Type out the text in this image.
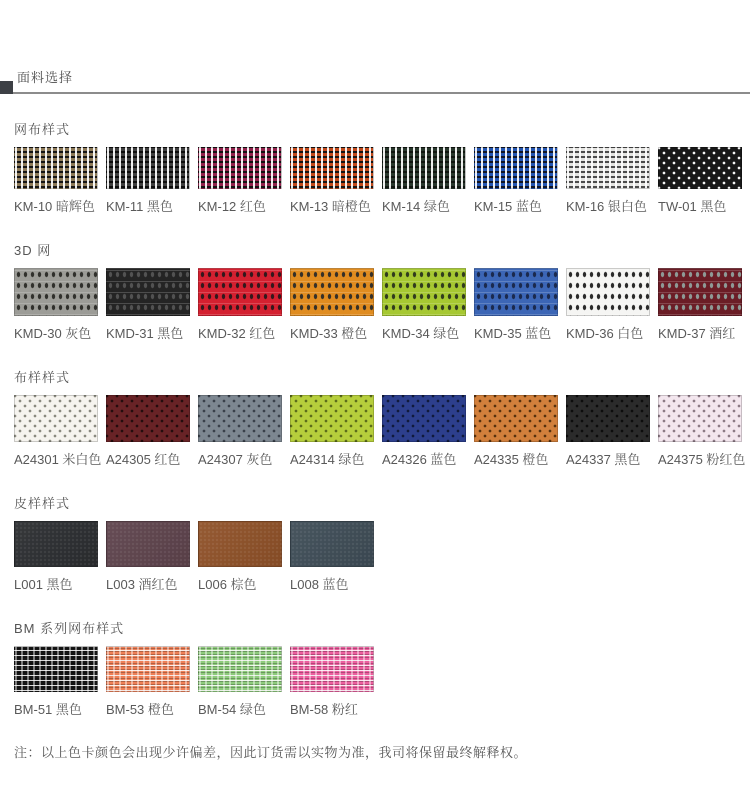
面料选择
网布样式
KM-10 暗辉色 KM-11 黑色	KM-12 红色	KM-13 暗橙色 KM-14 绿色	KM-15 蓝色	KM-16 银白色 TW-01 黑色
3D 网
KMD-30 灰色	KMD-31 黑色	KMD-32 红色	KMD-33 橙色	KMD-34 绿色	KMD-35 蓝色	KMD-36 白色	KMD-37 酒红
布样样式
A24301 米白色 A24305 红色	A24307 灰色	A24314 绿色	A24326 蓝色	A24335 橙色	A24337 黑色	A24375 粉红色
皮样样式
L001 黑色	L003 酒红色	L006 棕色	L008 蓝色
BM 系列网布样式
BM-51 黑色	BM-53 橙色	BM-54 绿色	BM-58 粉红
注：以上色卡颜色会出现少许偏差，因此订货需以实物为准，我司将保留最终解释权。
